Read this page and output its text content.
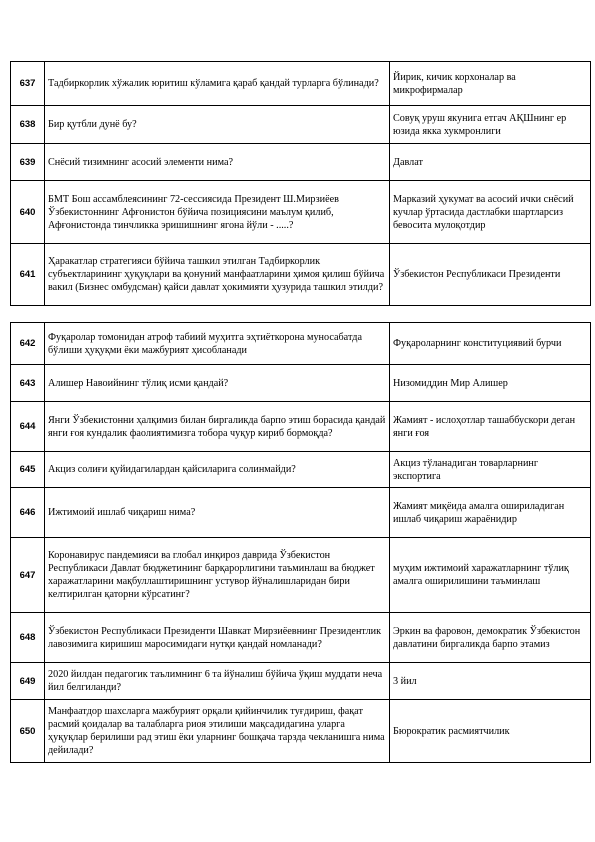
637	Тадбиркорлик хўжалик юритиш кўламига қараб қандай турларга бўлинади?	Йирик, кичик корхоналар ва микрофирмалар
638	Бир қутбли дунё бу?	Совуқ уруш якунига етгач АҚШнинг ер юзида якка хукмронлиги
639	Снёсий тизимнинг асосий элементи нима?	Давлат
640	БМТ Бош ассамблеясининг 72-сессиясида Президент Ш.Мирзиёев Ўзбекистоннинг Афғонистон бўйича позициясини маълум қилиб, Афғонистонда тинчликка эришишнинг ягона йўли - .....?	Марказий ҳукумат ва асосий ички снёсий кучлар ўртасида дастлабки шартларсиз бевосита мулоқотдир
641	Ҳаракатлар стратегияси бўйича ташкил этилган Тадбиркорлик субъектларининг ҳуқуқлари ва қонуний манфаатларини ҳимоя қилиш бўйича вакил (Бизнес омбудсман) қайси давлат ҳокимияти ҳузурида ташкил этилди?	Ўзбекистон Республикаси Президенти
642	Фуқаролар томонидан атроф табиий муҳитга эҳтиёткорона муносабатда бўлиши ҳуқуқми ёки мажбурият ҳисобланади	Фуқароларнинг конституциявий бурчи
643	Алишер Навоийнинг тўлиқ исми қандай?	Низомиддин Мир Алишер
644	Янги Ўзбекистонни ҳалқимиз билан биргаликда барпо этиш борасида қандай янги ғоя кундалик фаолиятимизга тобора чуқур кириб бормоқда?	Жамият - ислоҳотлар ташаббускори деган янги ғоя
645	Акциз солиғи қуйидагилардан қайсиларига солинмайди?	Акциз тўланадиган товарларнинг экспортига
646	Ижтимоий ишлаб чиқариш нима?	Жамият миқёида амалга ошириладиган ишлаб чиқариш жараёнидир
647	Коронавирус пандемияси ва глобал инқироз даврида Ўзбекистон Республикаси Давлат бюджетининг барқарорлигини таъминлаш ва бюджет харажатларини мақбуллаштиришнинг устувор йўналишларидан бири келтирилган қаторни кўрсатинг?	муҳим ижтимоий харажатларнинг тўлиқ амалга оширилишини таъминлаш
648	Ўзбекистон Республикаси Президенти Шавкат Мирзиёевнинг Президентлик лавозимига киришиш маросимидаги нутқи қандай номланади?	Эркин ва фаровон, демократик Ўзбекистон давлатини биргаликда барпо этамиз
649	2020 йилдан педагогик таълимнинг 6 та йўналиш бўйича ўқиш муддати неча йил белгиланди?	3 йил
650	Манфаатдор шахсларга мажбурият орқали қийинчилик туғдириш, фақат расмий қоидалар ва талабларга риоя этилиши мақсадидагина уларга ҳуқуқлар берилиши рад этиш ёки уларнинг бошқача тарзда чекланишга нима дейилади?	Бюрократик расмиятчилик
